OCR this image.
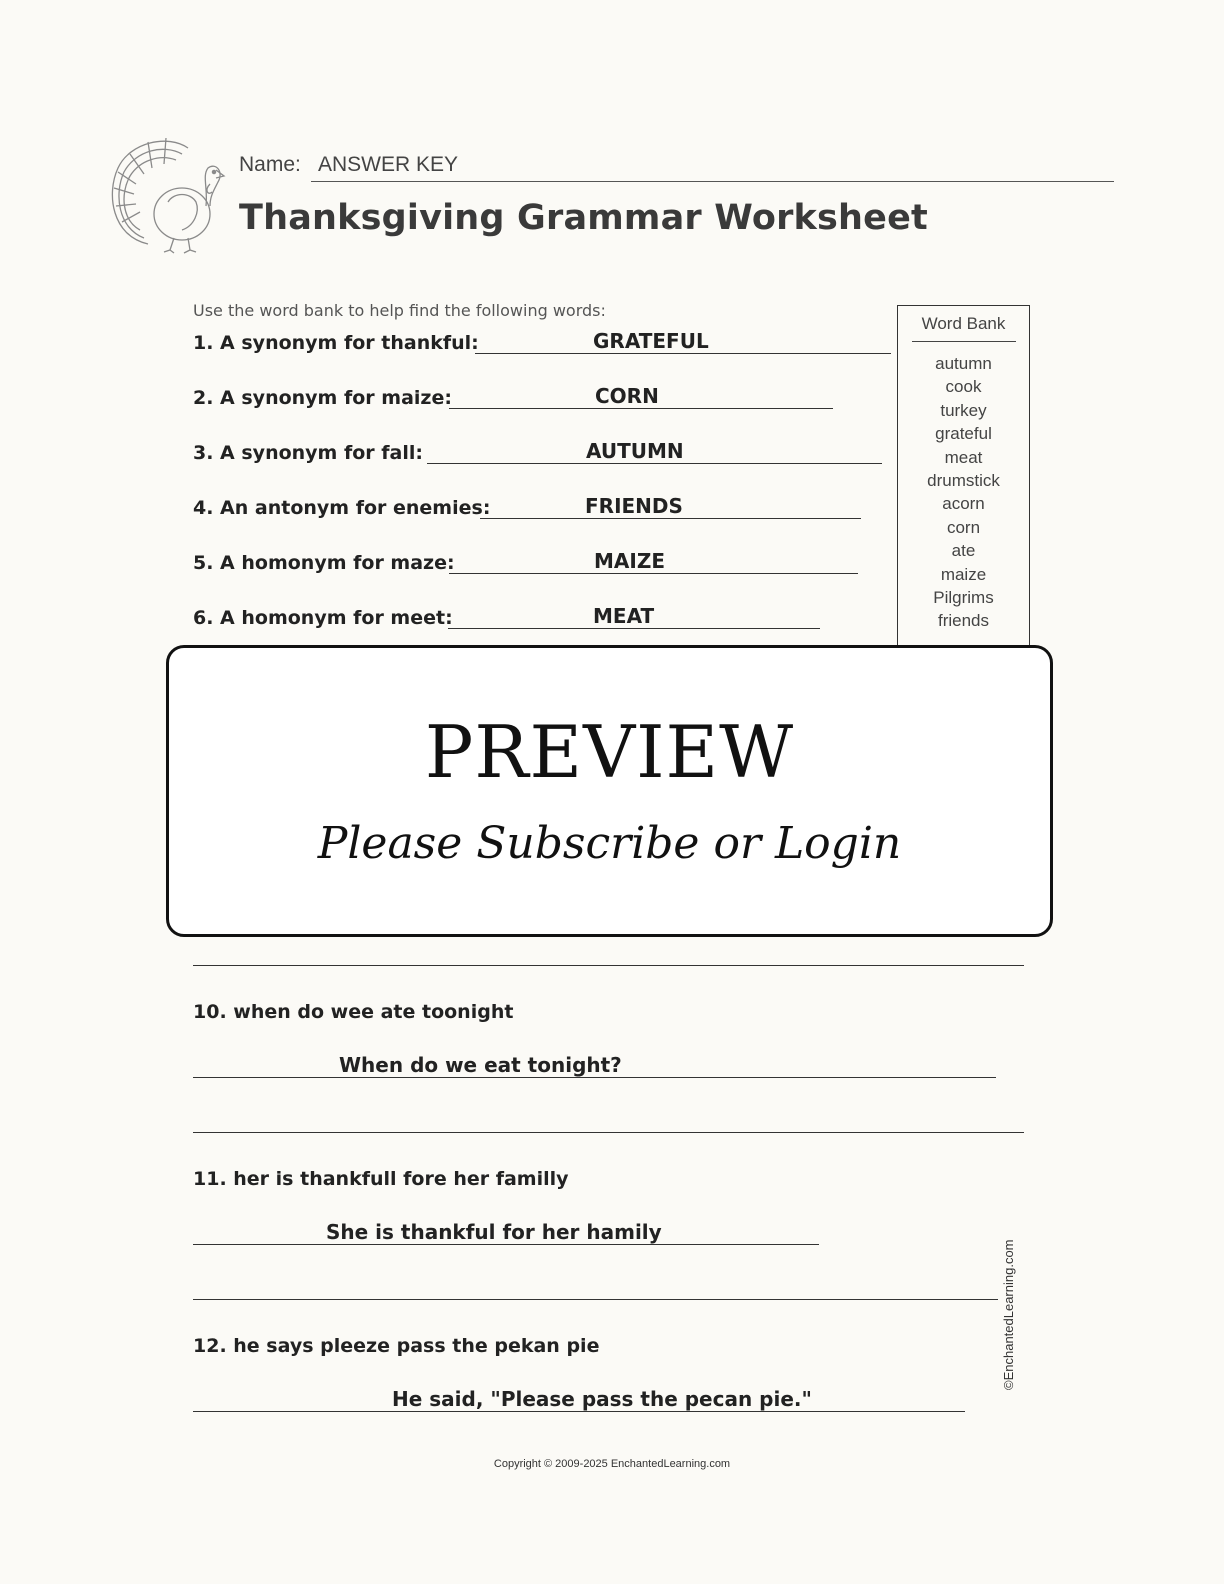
Name: ANSWER KEY
Thanksgiving Grammar Worksheet
Use the word bank to help find the following words:
1. A synonym for thankful:	GRATEFUL
2. A synonym for maize:	CORN
3. A synonym for fall:	AUTUMN
4. An antonym for enemies:	FRIENDS
5. A homonym for maze:	MAIZE
6. A homonym for meet:	MEAT
Word Bank
autumn
cook
turkey
grateful
meat
drumstick
acorn
corn
ate
maize
Pilgrims
friends
PREVIEW
Please Subscribe or Login
10. when do wee ate toonight
When do we eat tonight?
11. her is thankfull fore her familly
She is thankful for her hamily
12. he says pleeze pass the pekan pie
He said, "Please pass the pecan pie."
©EnchantedLearning.com
Copyright © 2009-2025 EnchantedLearning.com
